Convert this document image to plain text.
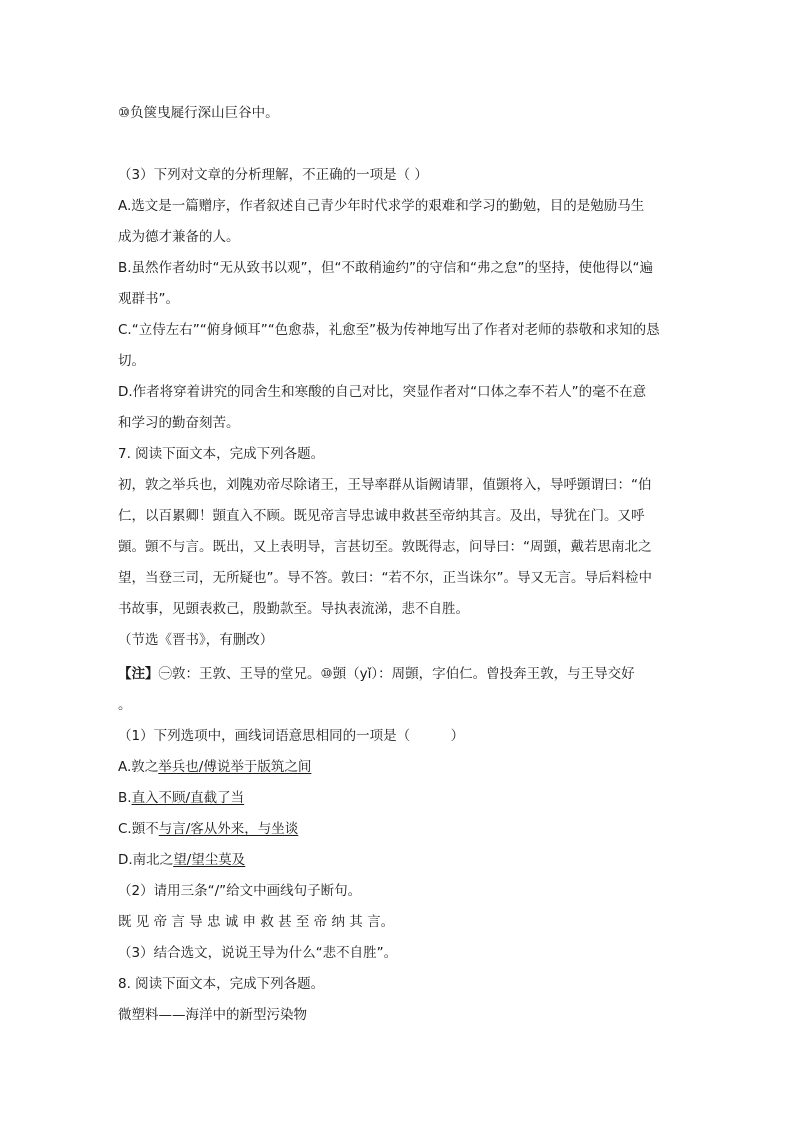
⑩负箧曳屣行深山巨谷中。
（3）下列对文章的分析理解，不正确的一项是（ ）
A.选文是一篇赠序，作者叙述自己青少年时代求学的艰难和学习的勤勉，目的是勉励马生
成为德才兼备的人。
B.虽然作者幼时“无从致书以观”，但“不敢稍逾约”的守信和“弗之怠”的坚持，使他得以“遍
观群书”。
C.“立侍左右”“俯身倾耳”“色愈恭，礼愈至”极为传神地写出了作者对老师的恭敬和求知的恳
切。
D.作者将穿着讲究的同舍生和寒酸的自己对比，突显作者对“口体之奉不若人”的毫不在意
和学习的勤奋刻苦。
7. 阅读下面文本，完成下列各题。
初，敦之举兵也，刘隗劝帝尽除诸王，王导率群从诣阙请罪，值顗将入，导呼顗谓曰：“伯
仁，以百累卿！顗直入不顾。既见帝言导忠诚申救甚至帝纳其言。及出，导犹在门。又呼
顗。顗不与言。既出，又上表明导，言甚切至。敦既得志，问导曰：“周顗，戴若思南北之
望，当登三司，无所疑也”。导不答。敦曰：“若不尔，正当诛尔”。导又无言。导后料检中
书故事，见顗表救己，殷勤款至。导执表流涕，悲不自胜。
（节选《晋书》，有删改）
【注】㊀敦：王敦、王导的堂兄。⑩顗（yǐ）：周顗，字伯仁。曾投奔王敦，与王导交好
。
（1）下列选项中，画线词语意思相同的一项是（　　　）
A.敦之举兵也/傅说举于版筑之间
B.直入不顾/直截了当
C.顗不与言/客从外来，与坐谈
D.南北之望/望尘莫及
（2）请用三条“/”给文中画线句子断句。
既 见 帝 言 导 忠 诚 申 救 甚 至 帝 纳 其 言。
（3）结合选文，说说王导为什么“悲不自胜”。
8. 阅读下面文本，完成下列各题。
微塑料——海洋中的新型污染物
